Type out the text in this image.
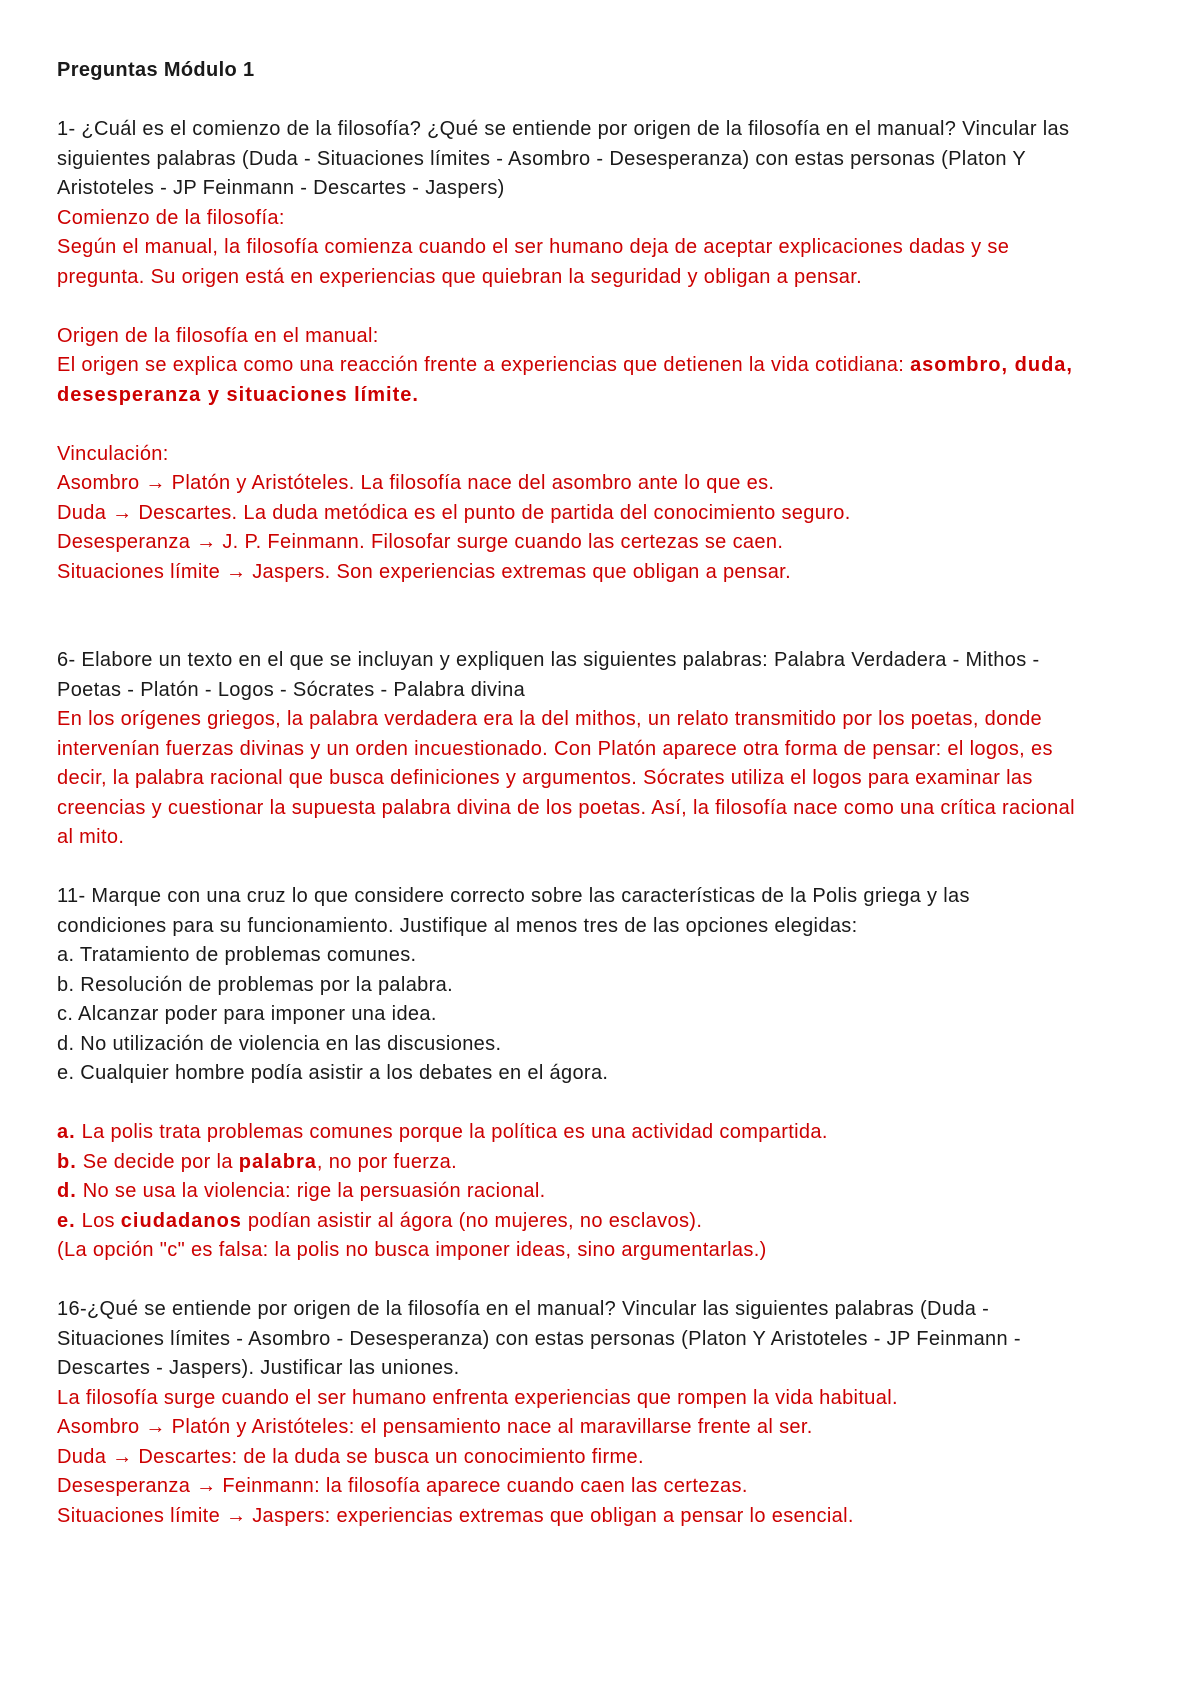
Preguntas Módulo 1

1- ¿Cuál es el comienzo de la filosofía? ¿Qué se entiende por origen de la filosofía en el manual? Vincular las

siguientes palabras (Duda - Situaciones límites - Asombro - Desesperanza) con estas personas (Platon Y

Aristoteles - JP Feinmann - Descartes - Jaspers)

Comienzo de la filosofía:

Según el manual, la filosofía comienza cuando el ser humano deja de aceptar explicaciones dadas y se

pregunta. Su origen está en experiencias que quiebran la seguridad y obligan a pensar.

Origen de la filosofía en el manual:

El origen se explica como una reacción frente a experiencias que detienen la vida cotidiana: asombro, duda,

desesperanza y situaciones límite.

Vinculación:

Asombro → Platón y Aristóteles. La filosofía nace del asombro ante lo que es.

Duda → Descartes. La duda metódica es el punto de partida del conocimiento seguro.

Desesperanza → J. P. Feinmann. Filosofar surge cuando las certezas se caen.

Situaciones límite → Jaspers. Son experiencias extremas que obligan a pensar.

6- Elabore un texto en el que se incluyan y expliquen las siguientes palabras: Palabra Verdadera - Mithos -

Poetas - Platón - Logos - Sócrates - Palabra divina

En los orígenes griegos, la palabra verdadera era la del mithos, un relato transmitido por los poetas, donde

intervenían fuerzas divinas y un orden incuestionado. Con Platón aparece otra forma de pensar: el logos, es

decir, la palabra racional que busca definiciones y argumentos. Sócrates utiliza el logos para examinar las

creencias y cuestionar la supuesta palabra divina de los poetas. Así, la filosofía nace como una crítica racional

al mito.

11- Marque con una cruz lo que considere correcto sobre las características de la Polis griega y las

condiciones para su funcionamiento. Justifique al menos tres de las opciones elegidas:

a. Tratamiento de problemas comunes.

b. Resolución de problemas por la palabra.

c. Alcanzar poder para imponer una idea.

d. No utilización de violencia en las discusiones.

e. Cualquier hombre podía asistir a los debates en el ágora.

a. La polis trata problemas comunes porque la política es una actividad compartida.

b. Se decide por la palabra, no por fuerza.

d. No se usa la violencia: rige la persuasión racional.

e. Los ciudadanos podían asistir al ágora (no mujeres, no esclavos).

(La opción "c" es falsa: la polis no busca imponer ideas, sino argumentarlas.)

16-¿Qué se entiende por origen de la filosofía en el manual? Vincular las siguientes palabras (Duda -

Situaciones límites - Asombro - Desesperanza) con estas personas (Platon Y Aristoteles - JP Feinmann -

Descartes - Jaspers). Justificar las uniones.

La filosofía surge cuando el ser humano enfrenta experiencias que rompen la vida habitual.

Asombro → Platón y Aristóteles: el pensamiento nace al maravillarse frente al ser.

Duda → Descartes: de la duda se busca un conocimiento firme.

Desesperanza → Feinmann: la filosofía aparece cuando caen las certezas.

Situaciones límite → Jaspers: experiencias extremas que obligan a pensar lo esencial.
